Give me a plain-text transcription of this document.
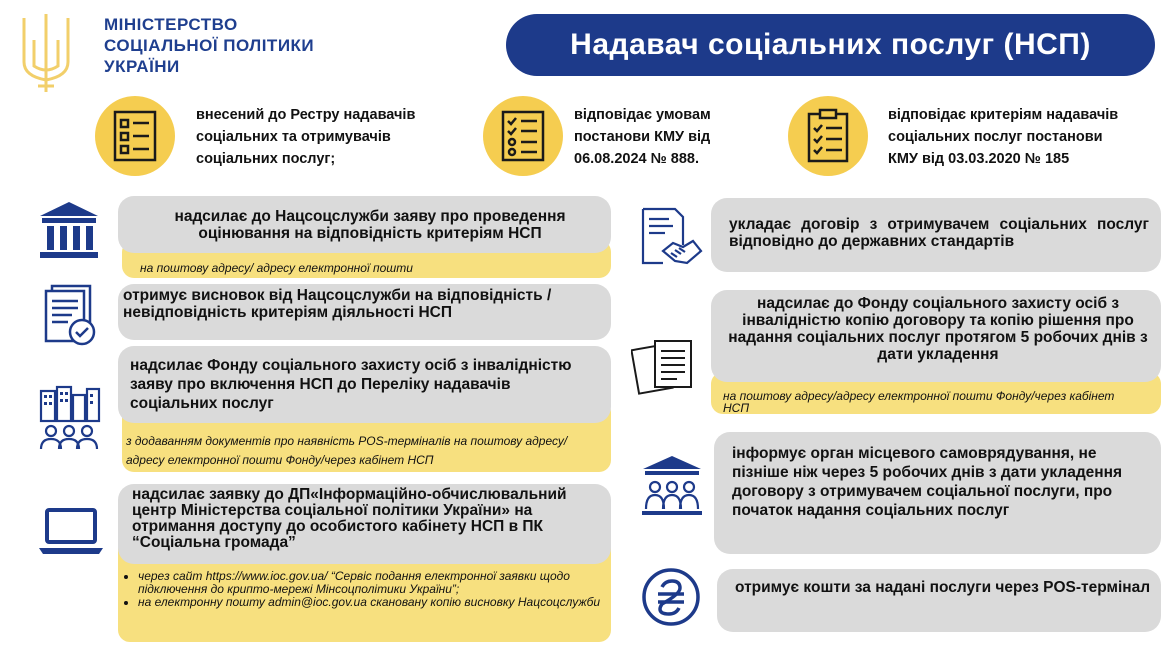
МІНІСТЕРСТВО
СОЦІАЛЬНОЇ ПОЛІТИКИ
УКРАЇНИ
Надавач соціальних послуг (НСП)
внесений до Рестру надавачів
соціальних та отримувачів
соціальних послуг;
відповідає умовам
постанови КМУ від
06.08.2024 № 888.
відповідає критеріям надавачів
соціальних послуг постанови
КМУ від 03.03.2020 № 185
на поштову адресу/ адресу електронної пошти
надсилає до Нацсоцслужби заяву про проведення оцінювання на відповідність критеріям НСП
отримує висновок від Нацсоцслужби на відповідність /невідповідність критеріям діяльності НСП
з додаванням документів про наявність POS-терміналів на поштову адресу/адресу електронної пошти Фонду/через кабінет НСП
надсилає Фонду соціального захисту осіб з інвалідністю заяву про включення НСП до Переліку надавачів соціальних послуг
• через сайт https://www.ioc.gov.ua/ “Сервіс подання електронної заявки щодо підключення до крипто-мережі Мінсоцполітики України”;
• на електронну пошту admin@ioc.gov.ua скановану копію висновку Нацсоцслужби
надсилає заявку до ДП«Інформаційно-обчислювальний центр Міністерства соціальної політики України» на отримання доступу до особистого кабінету НСП в ПК “Соціальна громада”
укладає договір з отримувачем соціальних послуг відповідно до державних стандартів
на поштову адресу/адресу електронної пошти Фонду/через кабінет НСП
надсилає до Фонду соціального захисту осіб з інвалідністю копію договору та копію рішення про надання соціальних послуг протягом 5 робочих днів з дати укладення
інформує орган місцевого самоврядування, не пізніше ніж через 5 робочих днів з дати укладення договору з отримувачем соціальної послуги, про початок надання соціальних послуг
отримує кошти за надані послуги через POS-термінал
